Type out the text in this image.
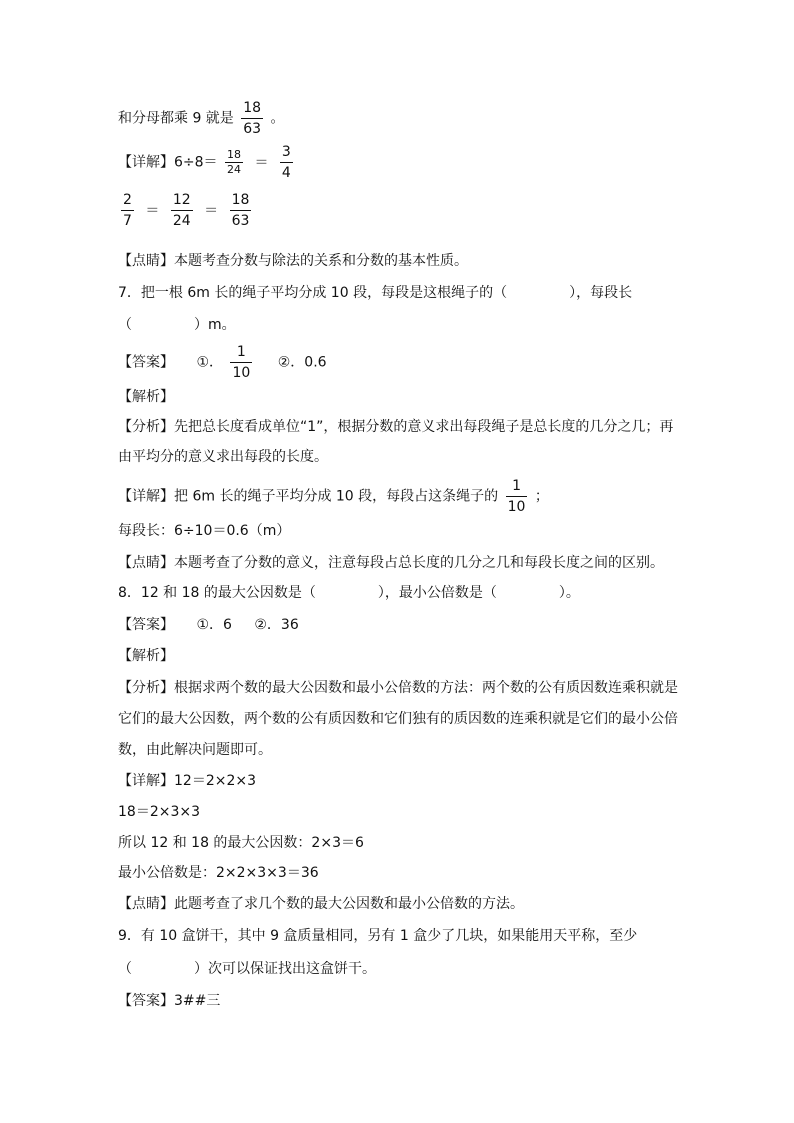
和分母都乘 9 就是 $\frac{18}{63}$ 。
【详解】$6\div 8= \frac{18}{24} = \frac{3}{4}$
$\frac{2}{7} = \frac{12}{24} = \frac{18}{63}$
【点睛】本题考查分数与除法的关系和分数的基本性质。
7．把一根 6m 长的绳子平均分成 10 段，每段是这根绳子的（	），每段长
（	）m。
【答案】 ①． $\frac{1}{10}$ ②．0.6
【解析】
【分析】先把总长度看成单位“1”，根据分数的意义求出每段绳子是总长度的几分之几；再
由平均分的意义求出每段的长度。
【详解】把 6m 长的绳子平均分成 10 段，每段占这条绳子的 $\frac{1}{10}$ ；
每段长：6÷10＝0.6（m）
【点睛】本题考查了分数的意义，注意每段占总长度的几分之几和每段长度之间的区别。
8．12 和 18 的最大公因数是（	），最小公倍数是（	）。
【答案】 ①．6 ②．36
【解析】
【分析】根据求两个数的最大公因数和最小公倍数的方法：两个数的公有质因数连乘积就是
它们的最大公因数，两个数的公有质因数和它们独有的质因数的连乘积就是它们的最小公倍
数，由此解决问题即可。
【详解】12＝2×2×3
18＝2×3×3
所以 12 和 18 的最大公因数：2×3＝6
最小公倍数是：2×2×3×3＝36
【点睛】此题考查了求几个数的最大公因数和最小公倍数的方法。
9．有 10 盒饼干，其中 9 盒质量相同，另有 1 盒少了几块，如果能用天平称，至少
（	）次可以保证找出这盒饼干。
【答案】3##三
